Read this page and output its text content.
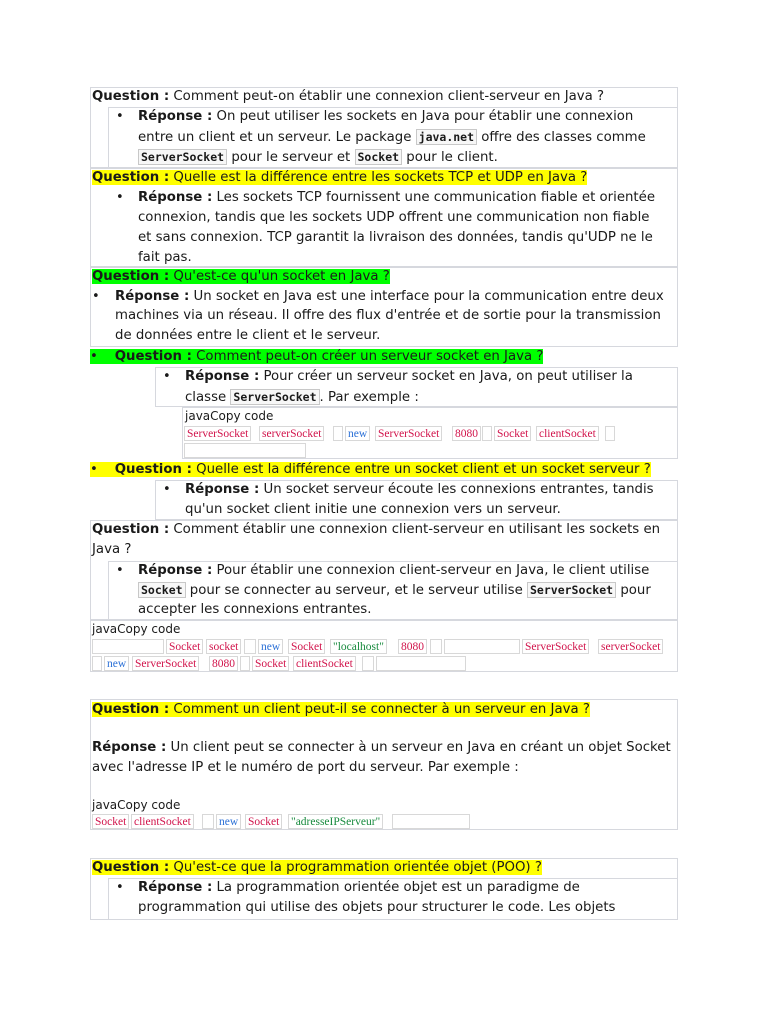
Question : Comment peut-on établir une connexion client-serveur en Java ?
• Réponse : On peut utiliser les sockets en Java pour établir une connexion
entre un client et un serveur. Le package java.net offre des classes comme
ServerSocket pour le serveur et Socket pour le client.
Question : Quelle est la différence entre les sockets TCP et UDP en Java ?
• Réponse : Les sockets TCP fournissent une communication fiable et orientée
connexion, tandis que les sockets UDP offrent une communication non fiable
et sans connexion. TCP garantit la livraison des données, tandis qu'UDP ne le
fait pas.
Question : Qu'est-ce qu'un socket en Java ?
• Réponse : Un socket en Java est une interface pour la communication entre deux
machines via un réseau. Il offre des flux d'entrée et de sortie pour la transmission
de données entre le client et le serveur.
•    Question : Comment peut-on créer un serveur socket en Java ?
• Réponse : Pour créer un serveur socket en Java, on peut utiliser la
classe ServerSocket . Par exemple :
javaCopy code
ServerSocket serverSocket new ServerSocket 8080 Socket clientSocket
•    Question : Quelle est la différence entre un socket client et un socket serveur ?
• Réponse : Un socket serveur écoute les connexions entrantes, tandis
qu'un socket client initie une connexion vers un serveur.
Question : Comment établir une connexion client-serveur en utilisant les sockets en
Java ?
• Réponse : Pour établir une connexion client-serveur en Java, le client utilise
Socket pour se connecter au serveur, et le serveur utilise ServerSocket pour
accepter les connexions entrantes.
javaCopy code
Socket socket new Socket "localhost" 8080	ServerSocket serverSocket
new ServerSocket 8080 Socket clientSocket
Question : Comment un client peut-il se connecter à un serveur en Java ?
Réponse : Un client peut se connecter à un serveur en Java en créant un objet Socket
avec l'adresse IP et le numéro de port du serveur. Par exemple :
javaCopy code
Socket clientSocket new Socket "adresseIPServeur"
Question : Qu'est-ce que la programmation orientée objet (POO) ?
• Réponse : La programmation orientée objet est un paradigme de
programmation qui utilise des objets pour structurer le code. Les objets
